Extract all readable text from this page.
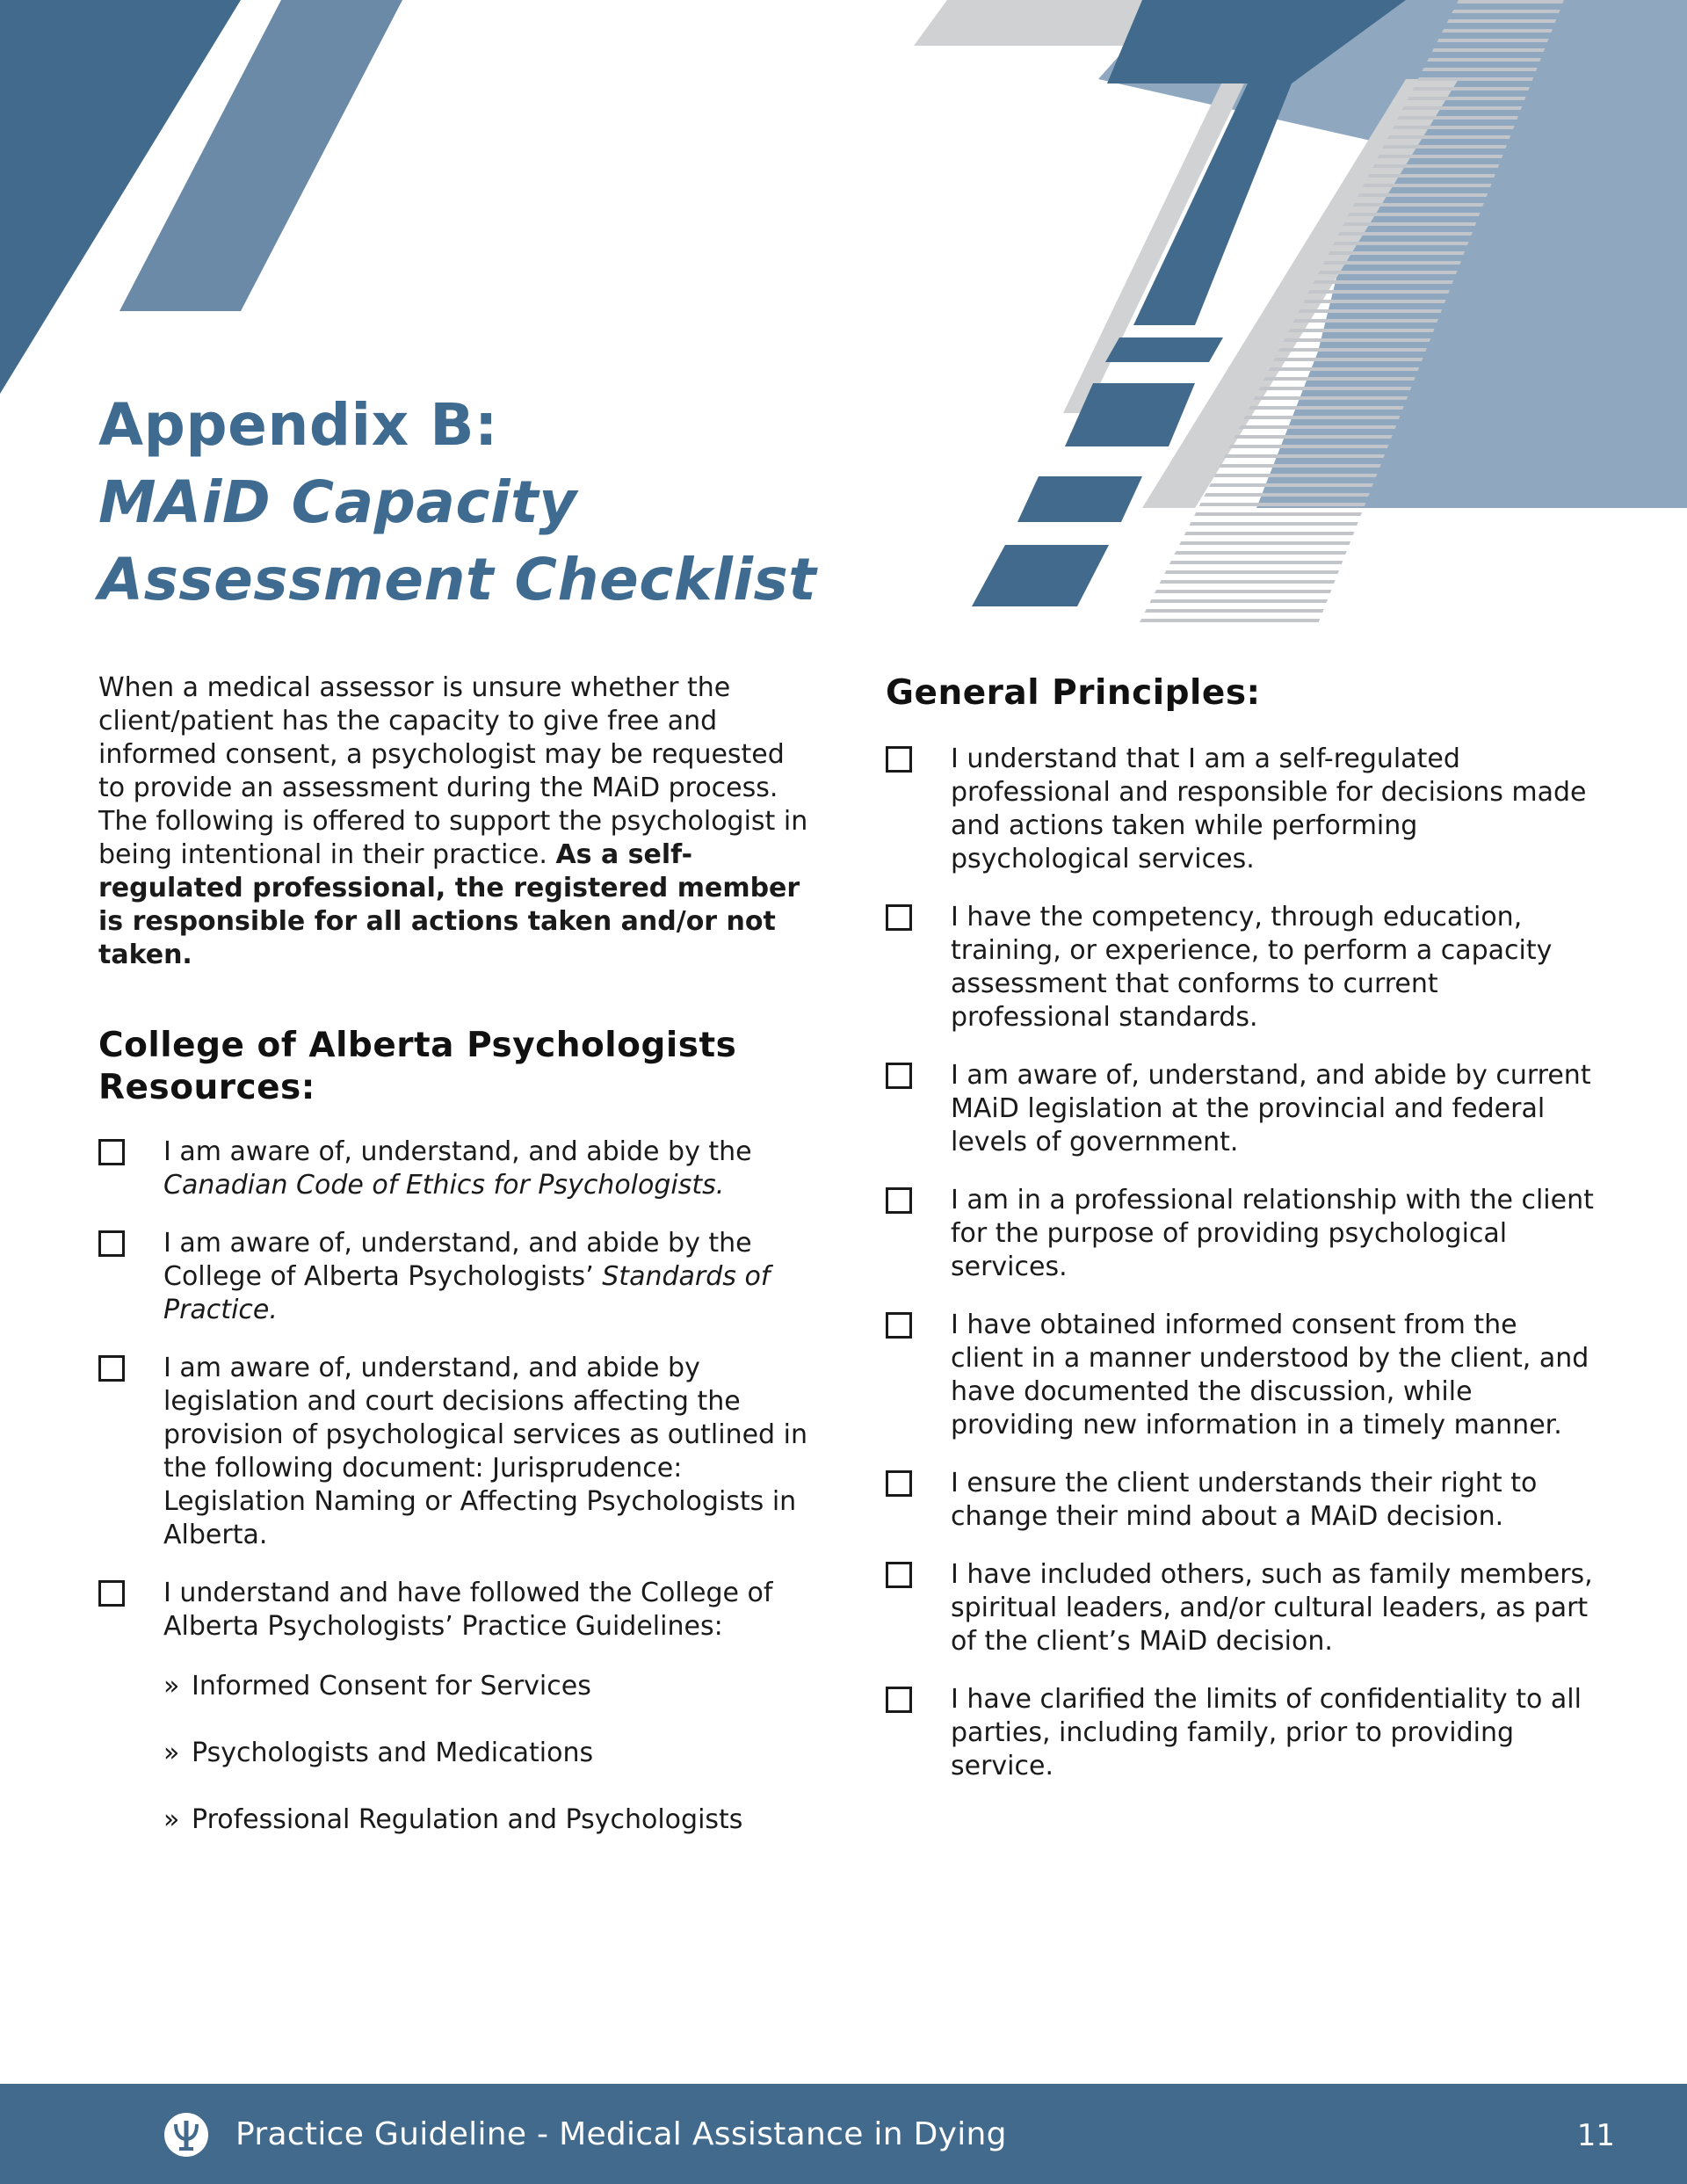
Appendix B:
MAiD Capacity
Assessment Checklist

When a medical assessor is unsure whether the client/patient has the capacity to give free and informed consent, a psychologist may be requested to provide an assessment during the MAiD process. The following is offered to support the psychologist in being intentional in their practice. As a self-regulated professional, the registered member is responsible for all actions taken and/or not taken.

College of Alberta Psychologists Resources:
I am aware of, understand, and abide by the Canadian Code of Ethics for Psychologists.
I am aware of, understand, and abide by the College of Alberta Psychologists’ Standards of Practice.
I am aware of, understand, and abide by legislation and court decisions affecting the provision of psychological services as outlined in the following document: Jurisprudence: Legislation Naming or Affecting Psychologists in Alberta.
I understand and have followed the College of Alberta Psychologists’ Practice Guidelines:
» Informed Consent for Services
» Psychologists and Medications
» Professional Regulation and Psychologists
General Principles:
I understand that I am a self-regulated professional and responsible for decisions made and actions taken while performing psychological services.
I have the competency, through education, training, or experience, to perform a capacity assessment that conforms to current professional standards.
I am aware of, understand, and abide by current MAiD legislation at the provincial and federal levels of government.
I am in a professional relationship with the client for the purpose of providing psychological services.
I have obtained informed consent from the client in a manner understood by the client, and have documented the discussion, while providing new information in a timely manner.
I ensure the client understands their right to change their mind about a MAiD decision.
I have included others, such as family members, spiritual leaders, and/or cultural leaders, as part of the client’s MAiD decision.
I have clarified the limits of confidentiality to all parties, including family, prior to providing service.
Practice Guideline - Medical Assistance in Dying	11
